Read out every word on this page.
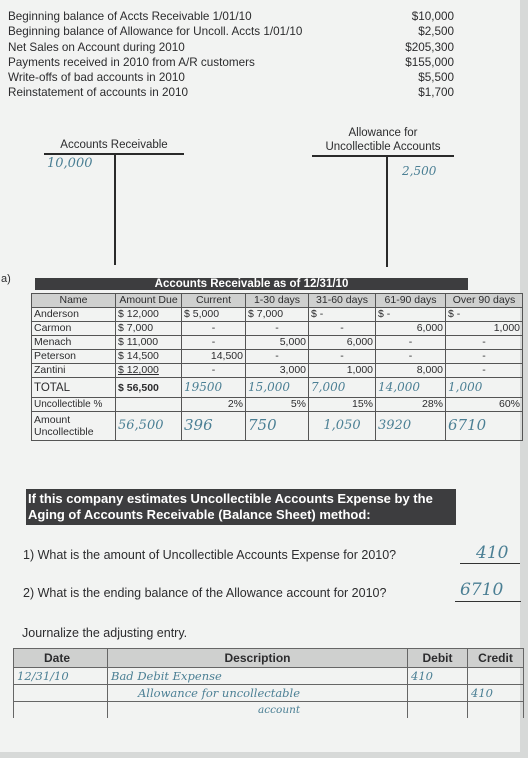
Beginning balance of Accts Receivable 1/01/10	$10,000
Beginning balance of Allowance for Uncoll. Accts 1/01/10	$2,500
Net Sales on Account during 2010	$205,300
Payments received in 2010 from A/R customers	$155,000
Write-offs of bad accounts in 2010	$5,500
Reinstatement of accounts in 2010	$1,700
Accounts Receivable
10,000
Allowance for
Uncollectible Accounts
2,500
a)	Accounts Receivable as of 12/31/10
Name	Amount Due	Current	1-30 days	31-60 days	61-90 days	Over 90 days
Anderson	$ 12,000	$ 5,000	$ 7,000	$ -	$ -	$ -
Carmon	$ 7,000	-	-	-	6,000	1,000
Menach	$ 11,000	-	5,000	6,000	-	-
Peterson	$ 14,500	14,500	-	-	-	-
Zantini	$ 12,000	-	3,000	1,000	8,000	-
TOTAL	$ 56,500	19500	15,000	7,000	14,000	1,000
Uncollectible %		2%	5%	15%	28%	60%

Amount
Uncollectible	56,500	396	750	1,050	3920	6710
If this company estimates Uncollectible Accounts Expense by the
Aging of Accounts Receivable (Balance Sheet) method:
1) What is the amount of Uncollectible Accounts Expense for 2010?	410
2) What is the ending balance of the Allowance account for 2010?	6710
Journalize the adjusting entry.
Date	Description	Debit	Credit
12/31/10	Bad Debit Expense	410	
	Allowance for uncollectable		410
	account		
